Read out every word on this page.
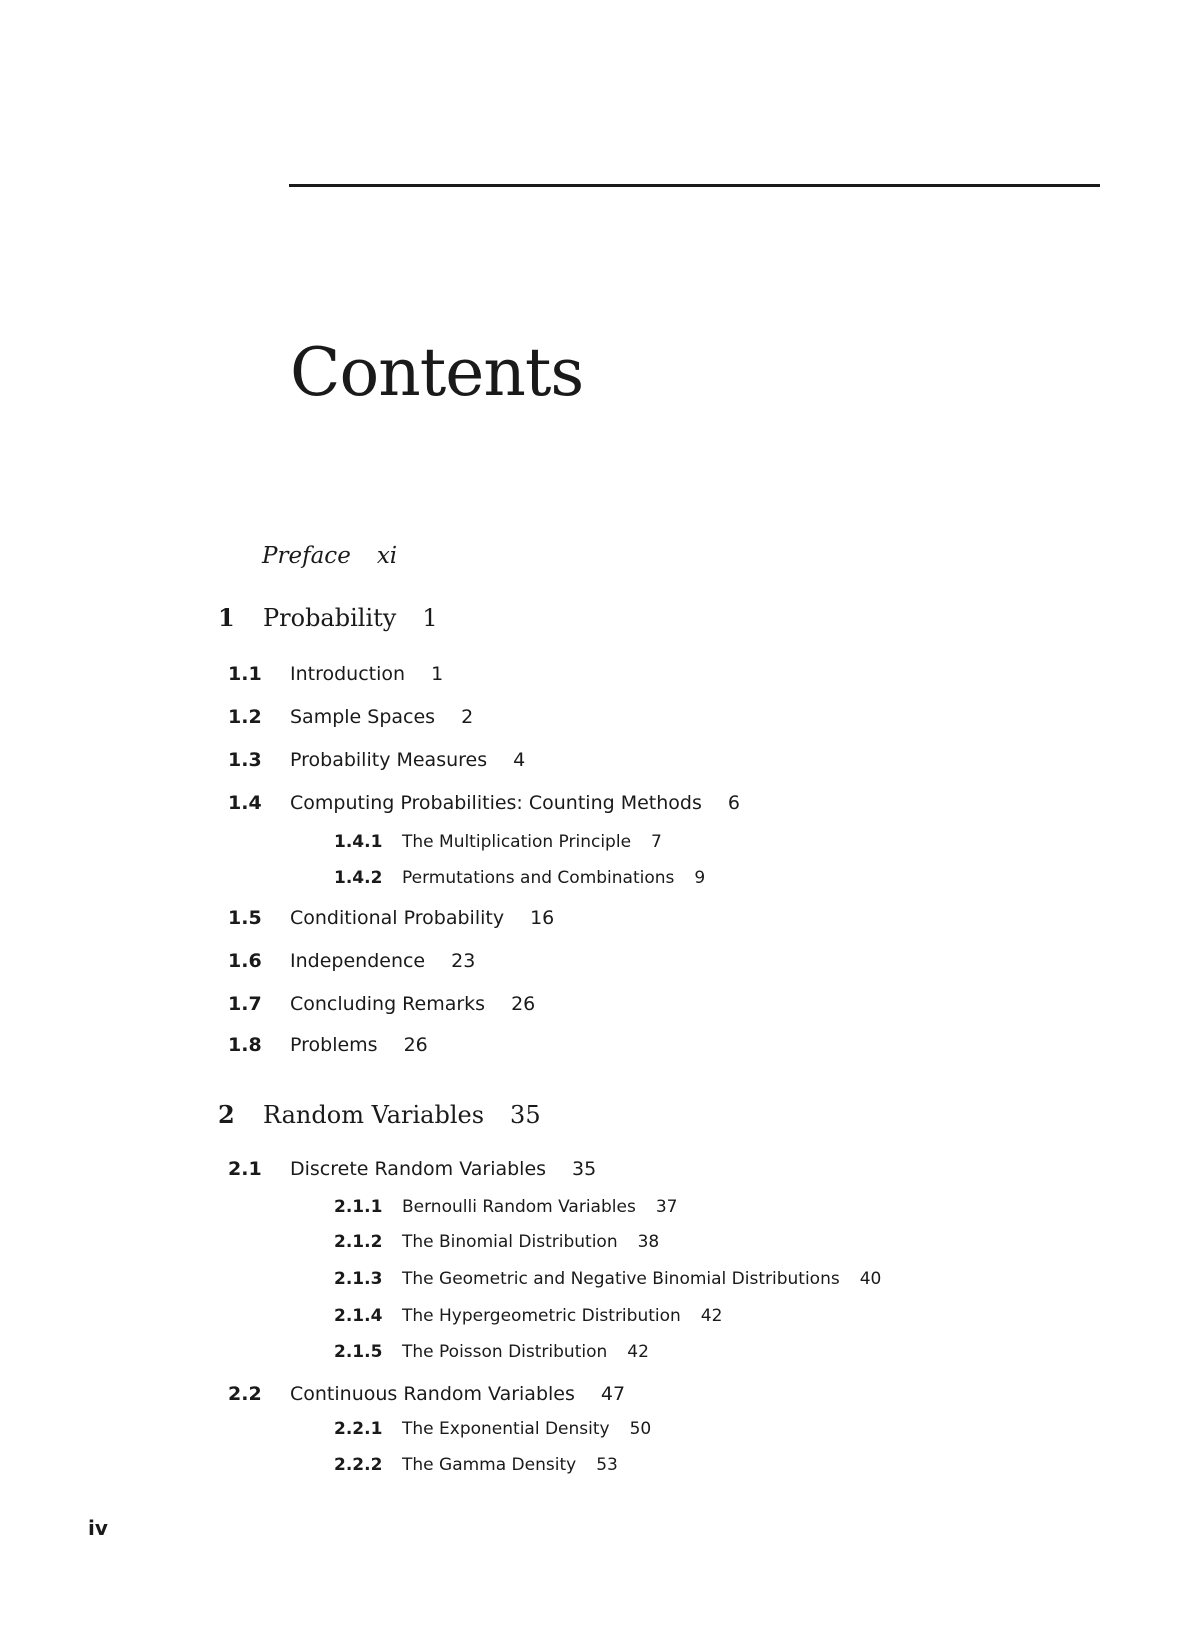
Contents
Preface xi
1 Probability 1
1.1 Introduction 1
1.2 Sample Spaces 2
1.3 Probability Measures 4
1.4 Computing Probabilities: Counting Methods 6
1.4.1 The Multiplication Principle 7
1.4.2 Permutations and Combinations 9
1.5 Conditional Probability 16
1.6 Independence 23
1.7 Concluding Remarks 26
1.8 Problems 26
2 Random Variables 35
2.1 Discrete Random Variables 35
2.1.1 Bernoulli Random Variables 37
2.1.2 The Binomial Distribution 38
2.1.3 The Geometric and Negative Binomial Distributions 40
2.1.4 The Hypergeometric Distribution 42
2.1.5 The Poisson Distribution 42
2.2 Continuous Random Variables 47
2.2.1 The Exponential Density 50
2.2.2 The Gamma Density 53
iv
